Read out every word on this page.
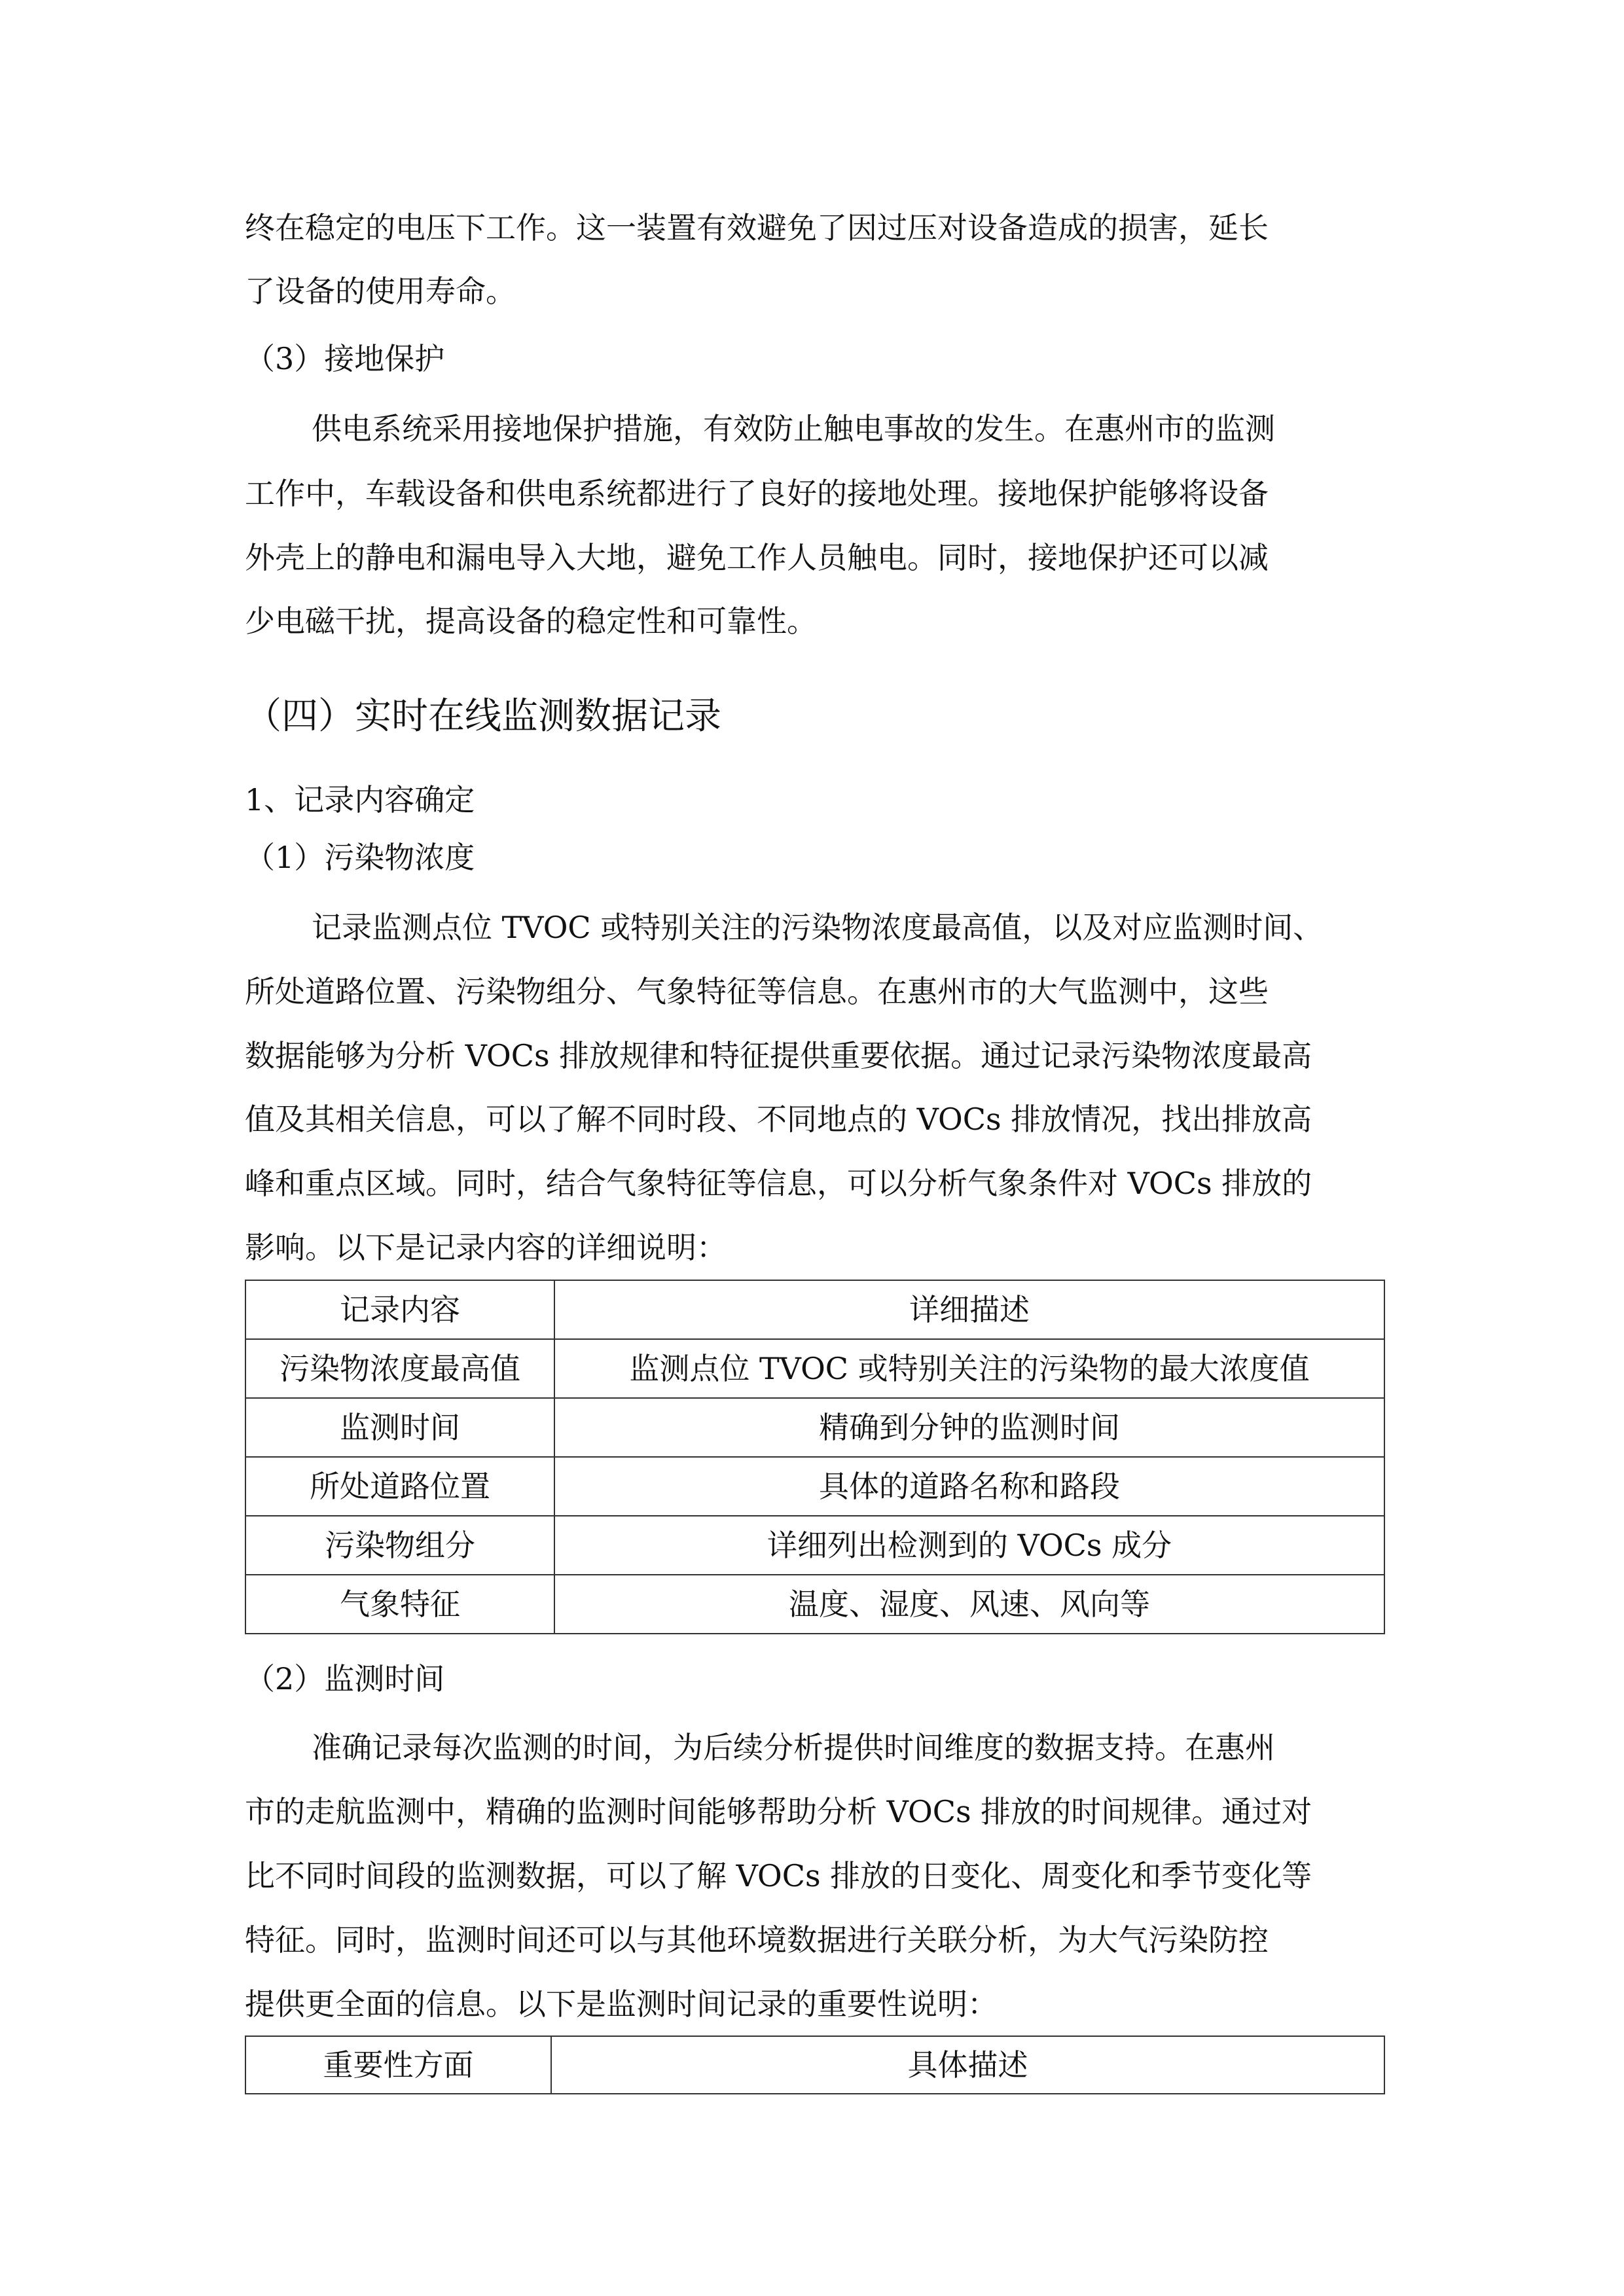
终在稳定的电压下工作。这一装置有效避免了因过压对设备造成的损害，延长
了设备的使用寿命。
（3）接地保护
供电系统采用接地保护措施，有效防止触电事故的发生。在惠州市的监测
工作中，车载设备和供电系统都进行了良好的接地处理。接地保护能够将设备
外壳上的静电和漏电导入大地，避免工作人员触电。同时，接地保护还可以减
少电磁干扰，提高设备的稳定性和可靠性。
（四）实时在线监测数据记录
1、记录内容确定
（1）污染物浓度
记录监测点位 TVOC 或特别关注的污染物浓度最高值，以及对应监测时间、
所处道路位置、污染物组分、气象特征等信息。在惠州市的大气监测中，这些
数据能够为分析 VOCs 排放规律和特征提供重要依据。通过记录污染物浓度最高
值及其相关信息，可以了解不同时段、不同地点的 VOCs 排放情况，找出排放高
峰和重点区域。同时，结合气象特征等信息，可以分析气象条件对 VOCs 排放的
影响。以下是记录内容的详细说明：
记录内容	详细描述
污染物浓度最高值	监测点位 TVOC 或特别关注的污染物的最大浓度值
监测时间	精确到分钟的监测时间
所处道路位置	具体的道路名称和路段
污染物组分	详细列出检测到的 VOCs 成分
气象特征	温度、湿度、风速、风向等
（2）监测时间
准确记录每次监测的时间，为后续分析提供时间维度的数据支持。在惠州
市的走航监测中，精确的监测时间能够帮助分析 VOCs 排放的时间规律。通过对
比不同时间段的监测数据，可以了解 VOCs 排放的日变化、周变化和季节变化等
特征。同时，监测时间还可以与其他环境数据进行关联分析，为大气污染防控
提供更全面的信息。以下是监测时间记录的重要性说明：
重要性方面	具体描述
